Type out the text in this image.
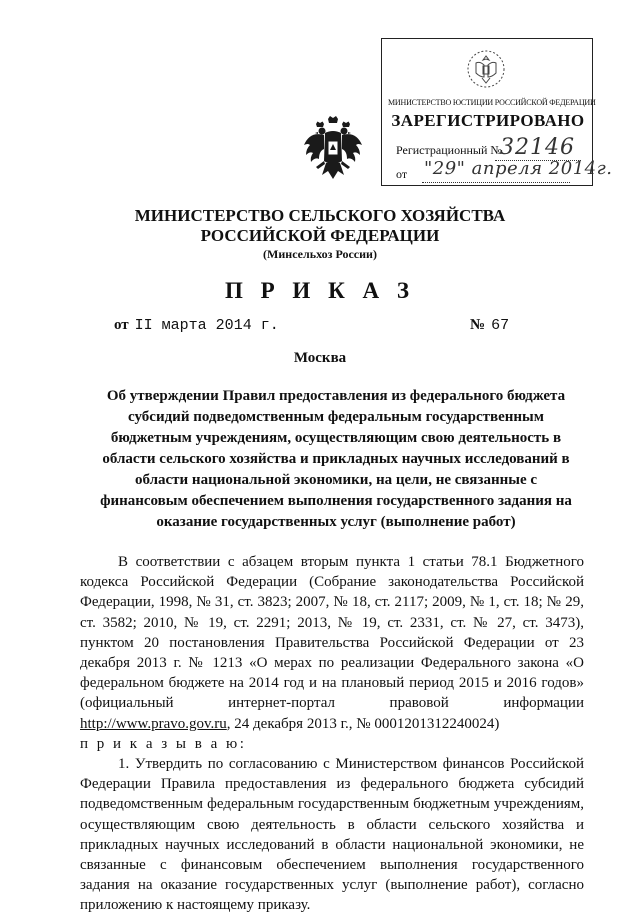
МИНИСТЕРСТВО ЮСТИЦИИ РОССИЙСКОЙ ФЕДЕРАЦИИ
ЗАРЕГИСТРИРОВАНО
Регистрационный №
32146
от "29" апреля 2014г.
МИНИСТЕРСТВО СЕЛЬСКОГО ХОЗЯЙСТВА
РОССИЙСКОЙ ФЕДЕРАЦИИ
(Минсельхоз России)
П Р И К А З
от II марта 2014 г.	№ 67
Москва
Об утверждении Правил предоставления из федерального бюджета субсидий подведомственным федеральным государственным бюджетным учреждениям, осуществляющим свою деятельность в области сельского хозяйства и прикладных научных исследований в области национальной экономики, на цели, не связанные с финансовым обеспечением выполнения государственного задания на оказание государственных услуг (выполнение работ)

В соответствии с абзацем вторым пункта 1 статьи 78.1 Бюджетного кодекса Российской Федерации (Собрание законодательства Российской Федерации, 1998, № 31, ст. 3823; 2007, № 18, ст. 2117; 2009, № 1, ст. 18; № 29, ст. 3582; 2010, № 19, ст. 2291; 2013, № 19, ст. 2331, ст. № 27, ст. 3473), пунктом 20 постановления Правительства Российской Федерации от 23 декабря 2013 г. № 1213 «О мерах по реализации Федерального закона «О федеральном бюджете на 2014 год и на плановый период 2015 и 2016 годов» (официальный интернет-портал правовой информации http://www.pravo.gov.ru, 24 декабря 2013 г., № 0001201312240024)

п р и к а з ы в а ю:

1. Утвердить по согласованию с Министерством финансов Российской Федерации Правила предоставления из федерального бюджета субсидий подведомственным федеральным государственным бюджетным учреждениям, осуществляющим свою деятельность в области сельского хозяйства и прикладных научных исследований в области национальной экономики, не связанные с финансовым обеспечением выполнения государственного задания на оказание государственных услуг (выполнение работ), согласно приложению к настоящему приказу.
